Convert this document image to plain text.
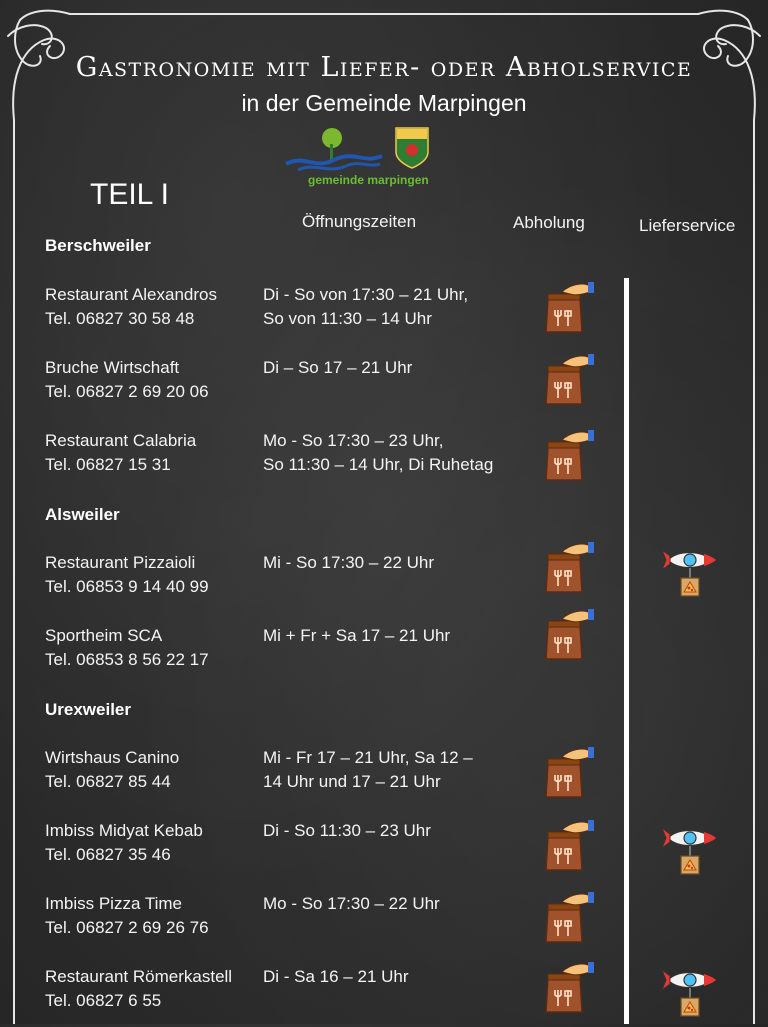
Gastronomie mit Liefer- oder Abholservice
in der Gemeinde Marpingen
gemeinde marpingen
TEIL I
Öffnungszeiten	Abholung	Lieferservice
Berschweiler
Alsweiler
Urexweiler
Restaurant Alexandros
Tel. 06827 30 58 48
Di - So von 17:30 – 21 Uhr,
So von 11:30 – 14 Uhr
Bruche Wirtschaft
Tel. 06827 2 69 20 06
Di – So 17 – 21 Uhr
Restaurant Calabria
Tel. 06827 15 31
Mo - So 17:30 – 23 Uhr,
So 11:30 – 14 Uhr, Di Ruhetag
Restaurant Pizzaioli
Tel. 06853 9 14 40 99
Mi - So 17:30 – 22 Uhr
Sportheim SCA
Tel. 06853 8 56 22 17
Mi + Fr + Sa 17 – 21 Uhr
Wirtshaus Canino
Tel. 06827 85 44
Mi - Fr 17 – 21 Uhr, Sa 12 –
14 Uhr und 17 – 21 Uhr
Imbiss Midyat Kebab
Tel. 06827 35 46
Di - So 11:30 – 23 Uhr
Imbiss Pizza Time
Tel. 06827 2 69 26 76
Mo - So 17:30 – 22 Uhr
Restaurant Römerkastell
Tel. 06827 6 55
Di - Sa 16 – 21 Uhr
